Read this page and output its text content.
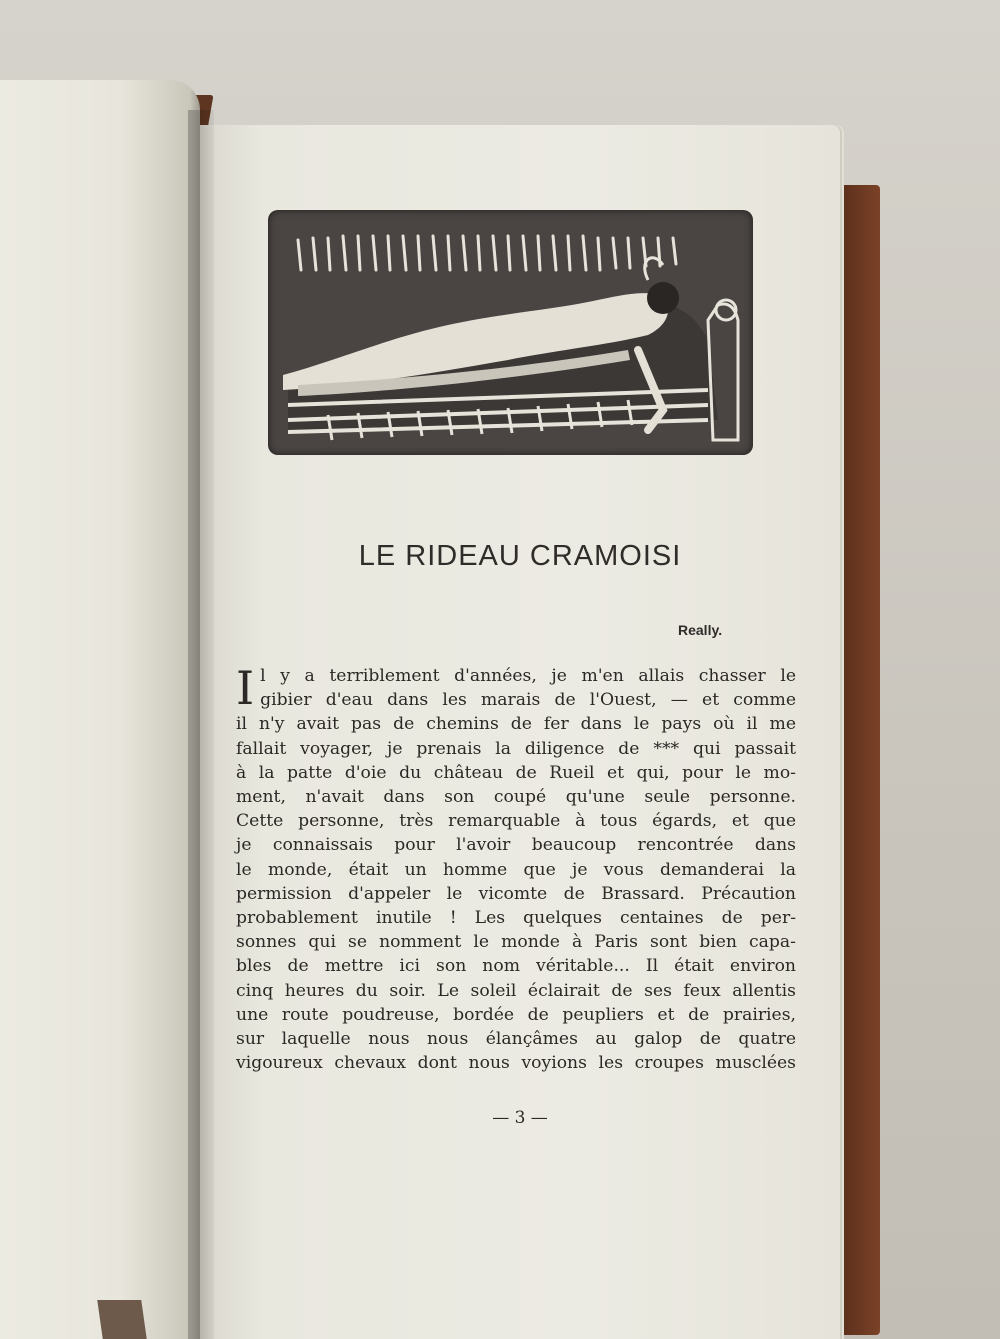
LE RIDEAU CRAMOISI
Really.
I l y a terriblement d'années, je m'en allais chasser le
gibier d'eau dans les marais de l'Ouest, — et comme
il n'y avait pas de chemins de fer dans le pays où il me
fallait voyager, je prenais la diligence de *** qui passait
à la patte d'oie du château de Rueil et qui, pour le mo-
ment, n'avait dans son coupé qu'une seule personne.
Cette personne, très remarquable à tous égards, et que
je connaissais pour l'avoir beaucoup rencontrée dans
le monde, était un homme que je vous demanderai la
permission d'appeler le vicomte de Brassard. Précaution
probablement inutile ! Les quelques centaines de per-
sonnes qui se nomment le monde à Paris sont bien capa-
bles de mettre ici son nom véritable... Il était environ
cinq heures du soir. Le soleil éclairait de ses feux allentis
une route poudreuse, bordée de peupliers et de prairies,
sur laquelle nous nous élançâmes au galop de quatre
vigoureux chevaux dont nous voyions les croupes musclées
— 3 —
